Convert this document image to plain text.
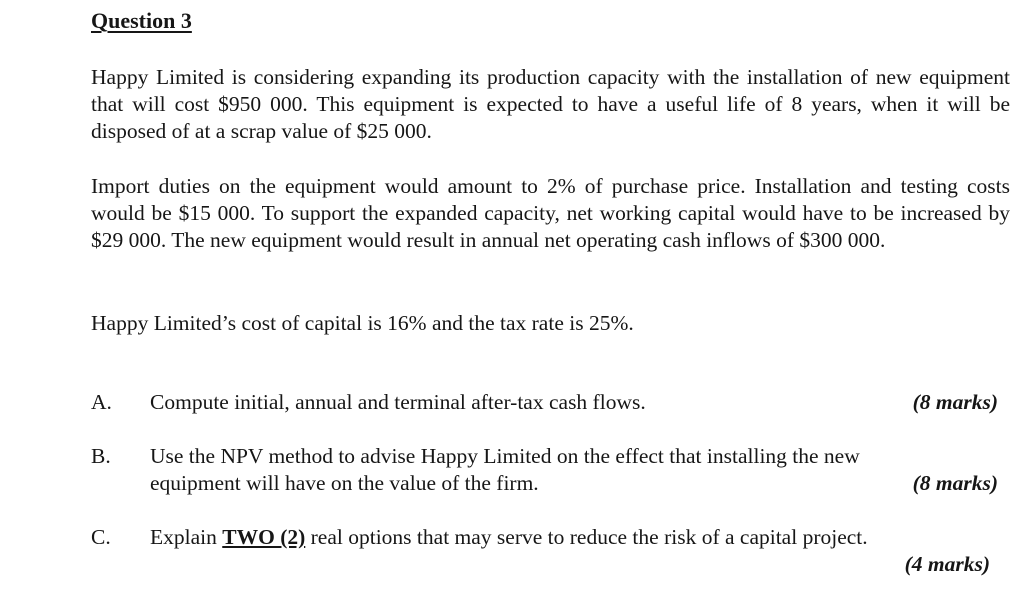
Question 3

Happy Limited is considering expanding its production capacity with the installation of new equipment that will cost $950 000. This equipment is expected to have a useful life of 8 years, when it will be disposed of at a scrap value of $25 000.

Import duties on the equipment would amount to 2% of purchase price. Installation and testing costs would be $15 000. To support the expanded capacity, net working capital would have to be increased by $29 000. The new equipment would result in annual net operating cash inflows of $300 000.

Happy Limited’s cost of capital is 16% and the tax rate is 25%.

A. Compute initial, annual and terminal after-tax cash flows.	(8 marks)
B. Use the NPV method to advise Happy Limited on the effect that installing the new
equipment will have on the value of the firm.	(8 marks)
C. Explain TWO (2) real options that may serve to reduce the risk of a capital project.
(4 marks)
